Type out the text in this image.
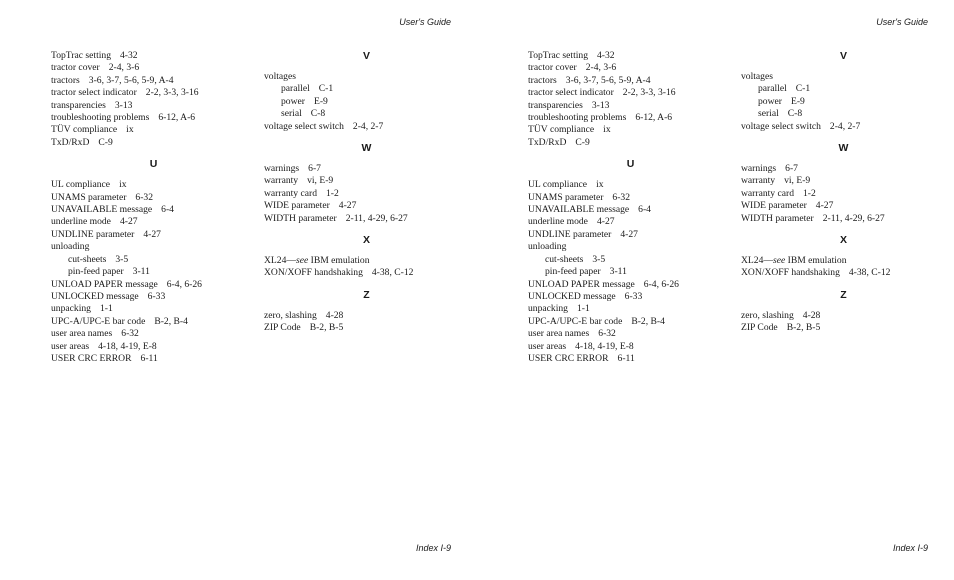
User's Guide
TopTrac setting 4-32
tractor cover 2-4, 3-6
tractors 3-6, 3-7, 5-6, 5-9, A-4
tractor select indicator 2-2, 3-3, 3-16
transparencies 3-13
troubleshooting problems 6-12, A-6
TÜV compliance ix
TxD/RxD C-9
U
UL compliance ix
UNAMS parameter 6-32
UNAVAILABLE message 6-4
underline mode 4-27
UNDLINE parameter 4-27
unloading
cut-sheets 3-5
pin-feed paper 3-11
UNLOAD PAPER message 6-4, 6-26
UNLOCKED message 6-33
unpacking 1-1
UPC-A/UPC-E bar code B-2, B-4
user area names 6-32
user areas 4-18, 4-19, E-8
USER CRC ERROR 6-11
V
voltages
parallel C-1
power E-9
serial C-8
voltage select switch 2-4, 2-7
W
warnings 6-7
warranty vi, E-9
warranty card 1-2
WIDE parameter 4-27
WIDTH parameter 2-11, 4-29, 6-27
X
XL24—see IBM emulation
XON/XOFF handshaking 4-38, C-12
Z
zero, slashing 4-28
ZIP Code B-2, B-5
Index I-9
User's Guide
TopTrac setting 4-32
tractor cover 2-4, 3-6
tractors 3-6, 3-7, 5-6, 5-9, A-4
tractor select indicator 2-2, 3-3, 3-16
transparencies 3-13
troubleshooting problems 6-12, A-6
TÜV compliance ix
TxD/RxD C-9
U
UL compliance ix
UNAMS parameter 6-32
UNAVAILABLE message 6-4
underline mode 4-27
UNDLINE parameter 4-27
unloading
cut-sheets 3-5
pin-feed paper 3-11
UNLOAD PAPER message 6-4, 6-26
UNLOCKED message 6-33
unpacking 1-1
UPC-A/UPC-E bar code B-2, B-4
user area names 6-32
user areas 4-18, 4-19, E-8
USER CRC ERROR 6-11
V
voltages
parallel C-1
power E-9
serial C-8
voltage select switch 2-4, 2-7
W
warnings 6-7
warranty vi, E-9
warranty card 1-2
WIDE parameter 4-27
WIDTH parameter 2-11, 4-29, 6-27
X
XL24—see IBM emulation
XON/XOFF handshaking 4-38, C-12
Z
zero, slashing 4-28
ZIP Code B-2, B-5
Index I-9
